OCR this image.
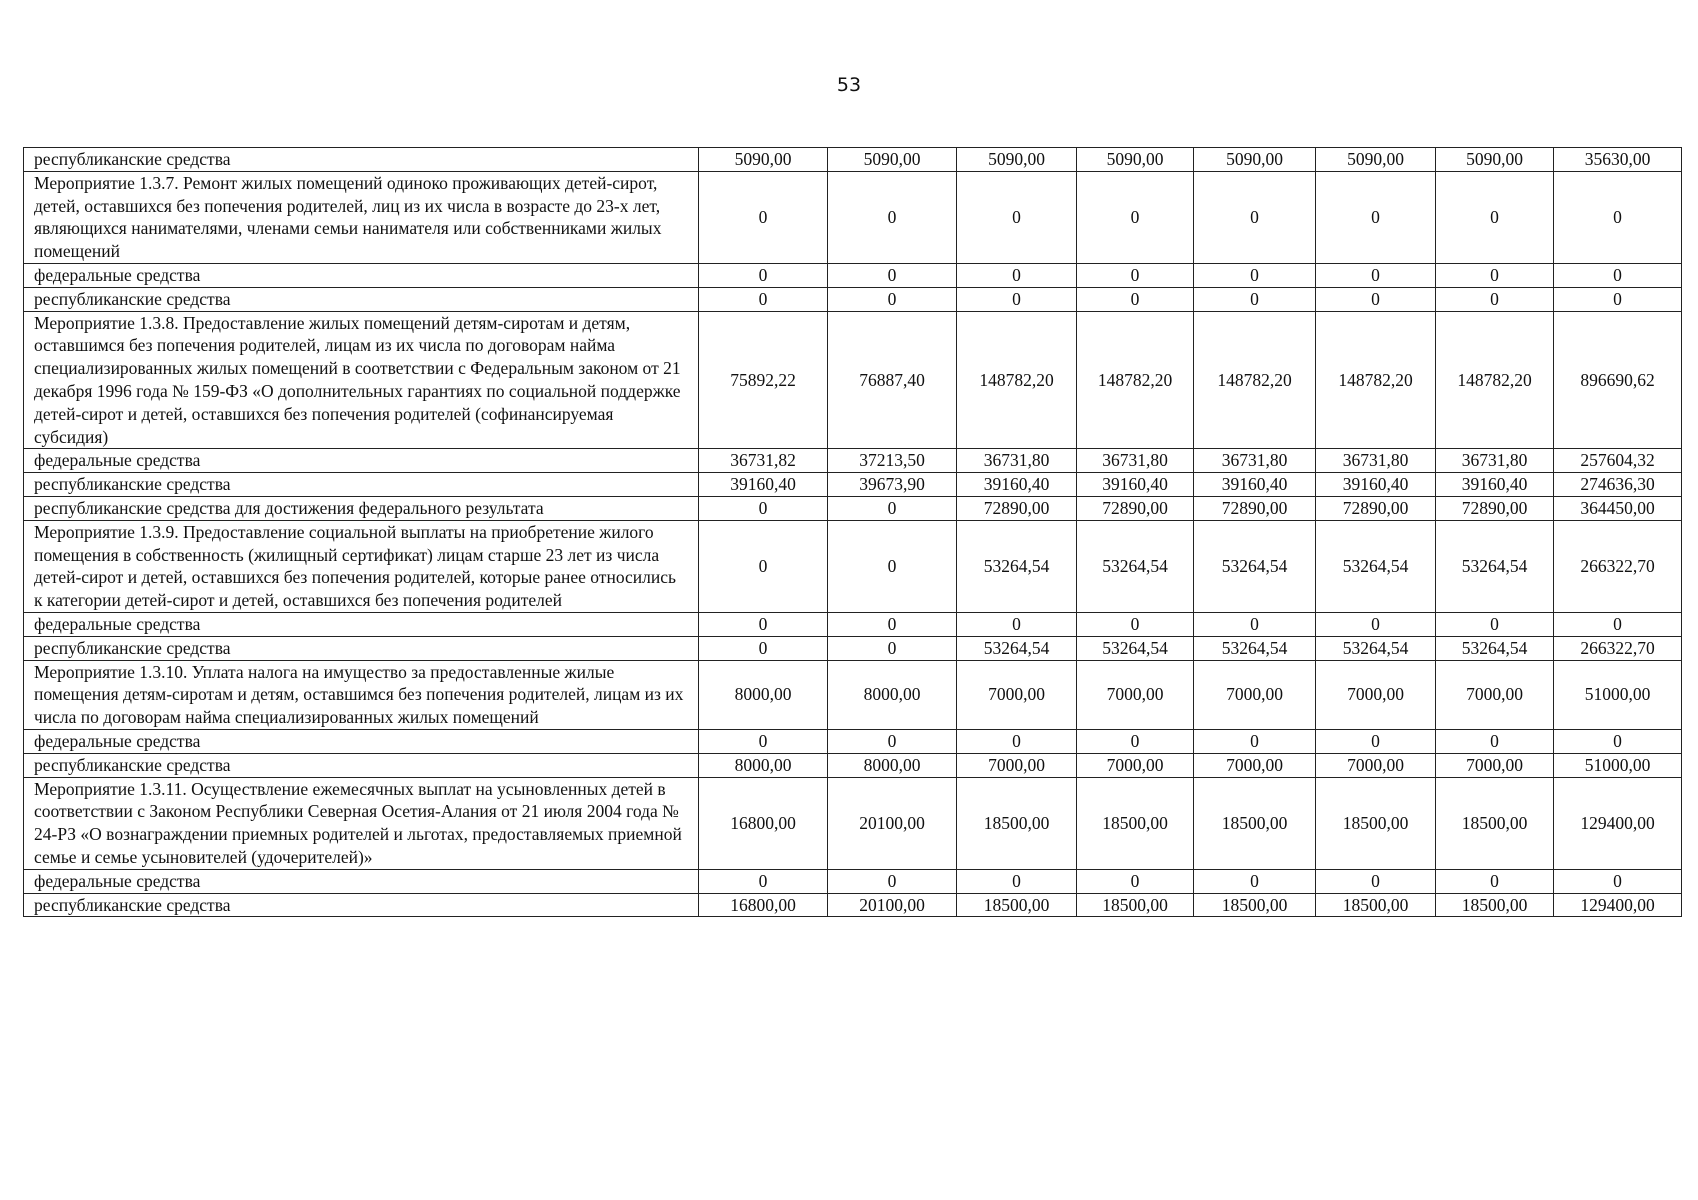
53
республиканские средства	5090,00	5090,00	5090,00	5090,00	5090,00	5090,00	5090,00	35630,00
Мероприятие 1.3.7. Ремонт жилых помещений одиноко проживающих детей-сирот, детей, оставшихся без попечения родителей, лиц из их числа в возрасте до 23-х лет, являющихся нанимателями, членами семьи нанимателя или собственниками жилых помещений	0	0	0	0	0	0	0	0
федеральные средства	0	0	0	0	0	0	0	0
республиканские средства	0	0	0	0	0	0	0	0
Мероприятие 1.3.8. Предоставление жилых помещений детям-сиротам и детям, оставшимся без попечения родителей, лицам из их числа по договорам найма специализированных жилых помещений в соответствии с Федеральным законом от 21 декабря 1996 года № 159-ФЗ «О дополнительных гарантиях по социальной поддержке детей-сирот и детей, оставшихся без попечения родителей (софинансируемая субсидия)	75892,22	76887,40	148782,20	148782,20	148782,20	148782,20	148782,20	896690,62
федеральные средства	36731,82	37213,50	36731,80	36731,80	36731,80	36731,80	36731,80	257604,32
республиканские средства	39160,40	39673,90	39160,40	39160,40	39160,40	39160,40	39160,40	274636,30
республиканские средства для достижения федерального результата	0	0	72890,00	72890,00	72890,00	72890,00	72890,00	364450,00
Мероприятие 1.3.9. Предоставление социальной выплаты на приобретение жилого помещения в собственность (жилищный сертификат) лицам старше 23 лет из числа детей-сирот и детей, оставшихся без попечения родителей, которые ранее относились к категории детей-сирот и детей, оставшихся без попечения родителей	0	0	53264,54	53264,54	53264,54	53264,54	53264,54	266322,70
федеральные средства	0	0	0	0	0	0	0	0
республиканские средства	0	0	53264,54	53264,54	53264,54	53264,54	53264,54	266322,70
Мероприятие 1.3.10. Уплата налога на имущество за предоставленные жилые помещения детям-сиротам и детям, оставшимся без попечения родителей, лицам из их числа по договорам найма специализированных жилых помещений	8000,00	8000,00	7000,00	7000,00	7000,00	7000,00	7000,00	51000,00
федеральные средства	0	0	0	0	0	0	0	0
республиканские средства	8000,00	8000,00	7000,00	7000,00	7000,00	7000,00	7000,00	51000,00
Мероприятие 1.3.11. Осуществление ежемесячных выплат на усыновленных детей в соответствии с Законом Республики Северная Осетия-Алания от 21 июля 2004 года № 24-РЗ «О вознаграждении приемных родителей и льготах, предоставляемых приемной семье и семье усыновителей (удочерителей)»	16800,00	20100,00	18500,00	18500,00	18500,00	18500,00	18500,00	129400,00
федеральные средства	0	0	0	0	0	0	0	0
республиканские средства	16800,00	20100,00	18500,00	18500,00	18500,00	18500,00	18500,00	129400,00
